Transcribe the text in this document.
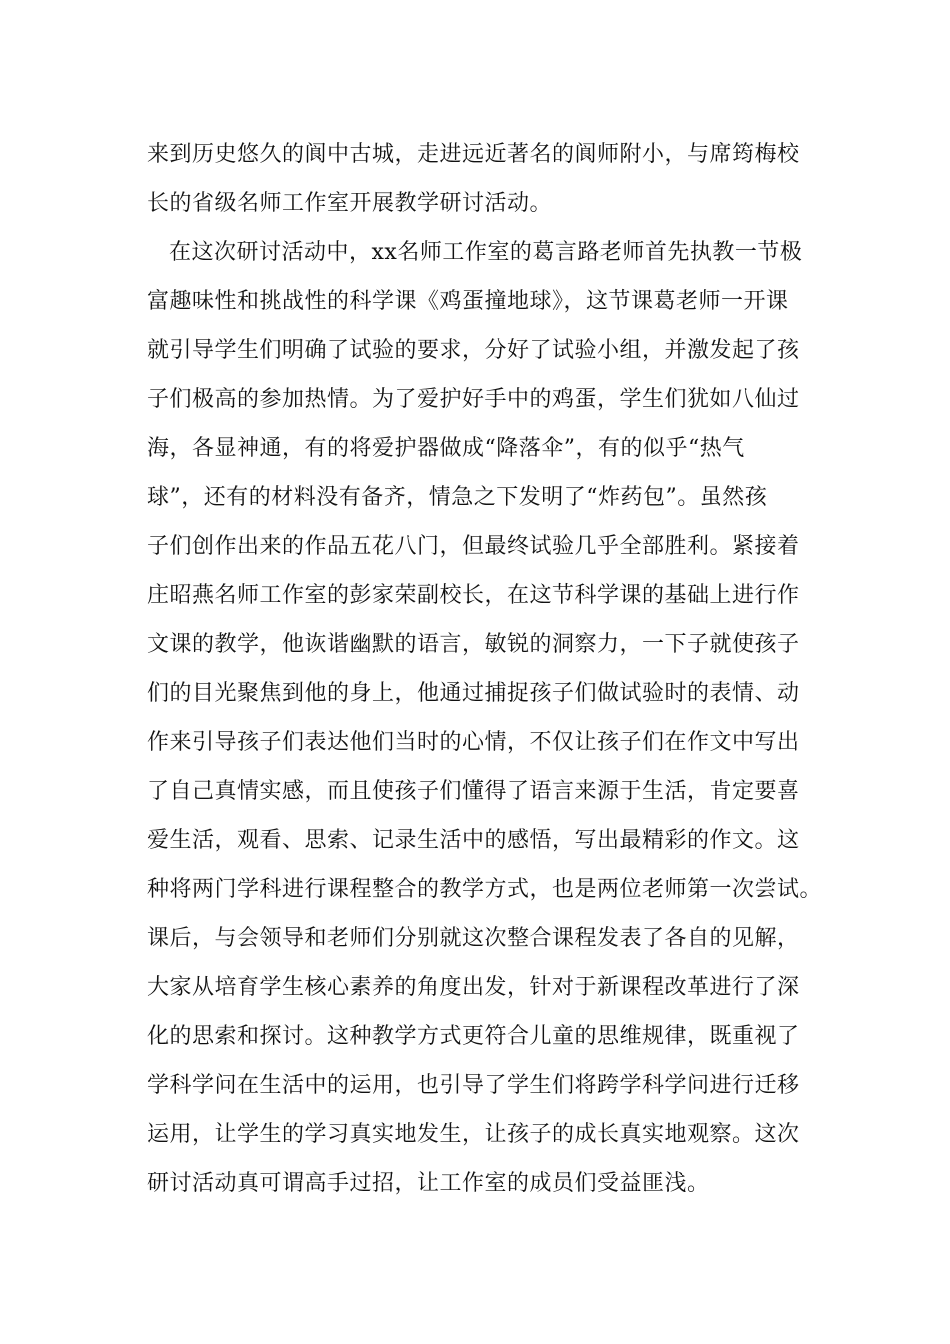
来到历史悠久的阆中古城，走进远近著名的阆师附小，与席筠梅校
长的省级名师工作室开展教学研讨活动。
在这次研讨活动中，xx名师工作室的葛言路老师首先执教一节极
富趣味性和挑战性的科学课《鸡蛋撞地球》，这节课葛老师一开课
就引导学生们明确了试验的要求，分好了试验小组，并激发起了孩
子们极高的参加热情。为了爱护好手中的鸡蛋，学生们犹如八仙过
海，各显神通，有的将爱护器做成“降落伞”，有的似乎“热气
球”，还有的材料没有备齐，情急之下发明了“炸药包”。虽然孩
子们创作出来的作品五花八门，但最终试验几乎全部胜利。紧接着
庄昭燕名师工作室的彭家荣副校长，在这节科学课的基础上进行作
文课的教学，他诙谐幽默的语言，敏锐的洞察力，一下子就使孩子
们的目光聚焦到他的身上，他通过捕捉孩子们做试验时的表情、动
作来引导孩子们表达他们当时的心情，不仅让孩子们在作文中写出
了自己真情实感，而且使孩子们懂得了语言来源于生活，肯定要喜
爱生活，观看、思索、记录生活中的感悟，写出最精彩的作文。这
种将两门学科进行课程整合的教学方式，也是两位老师第一次尝试。
课后，与会领导和老师们分别就这次整合课程发表了各自的见解，
大家从培育学生核心素养的角度出发，针对于新课程改革进行了深
化的思索和探讨。这种教学方式更符合儿童的思维规律，既重视了
学科学问在生活中的运用，也引导了学生们将跨学科学问进行迁移
运用，让学生的学习真实地发生，让孩子的成长真实地观察。这次
研讨活动真可谓高手过招，让工作室的成员们受益匪浅。
